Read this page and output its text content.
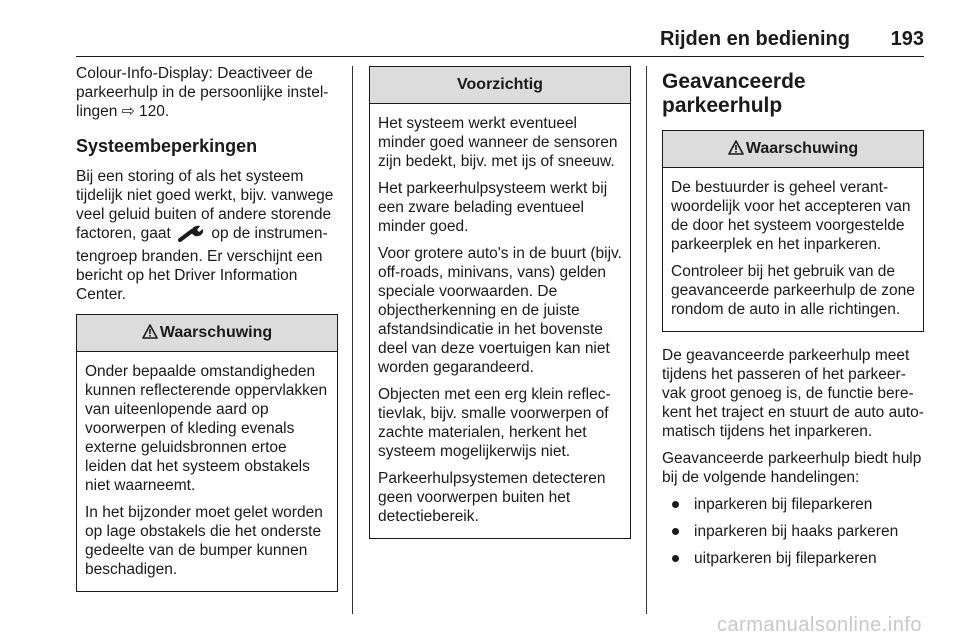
Rijden en bediening 193

Colour-Info-Display: Deactiveer de parkeerhulp in de persoonlijke instellingen ⇨ 120.

Systeembeperkingen

Bij een storing of als het systeem tijdelijk niet goed werkt, bijv. vanwege veel geluid buiten of andere storende factoren, gaat  op de instrumentengroep branden. Er verschijnt een bericht op het Driver Information Center.

Waarschuwing

Onder bepaalde omstandigheden kunnen reflecterende oppervlakken van uiteenlopende aard op voorwerpen of kleding evenals externe geluidsbronnen ertoe leiden dat het systeem obstakels niet waarneemt.

In het bijzonder moet gelet worden op lage obstakels die het onderste gedeelte van de bumper kunnen beschadigen.

Voorzichtig

Het systeem werkt eventueel minder goed wanneer de sensoren zijn bedekt, bijv. met ijs of sneeuw.

Het parkeerhulpsysteem werkt bij een zware belading eventueel minder goed.

Voor grotere auto's in de buurt (bijv. off-roads, minivans, vans) gelden speciale voorwaarden. De objectherkenning en de juiste afstandsindicatie in het bovenste deel van deze voertuigen kan niet worden gegarandeerd.

Objecten met een erg klein reflectievlak, bijv. smalle voorwerpen of zachte materialen, herkent het systeem mogelijkerwijs niet.

Parkeerhulpsystemen detecteren geen voorwerpen buiten het detectiebereik.

Geavanceerde parkeerhulp
Waarschuwing

De bestuurder is geheel verantwoordelijk voor het accepteren van de door het systeem voorgestelde parkeerplek en het inparkeren.

Controleer bij het gebruik van de geavanceerde parkeerhulp de zone rondom de auto in alle richtingen.

De geavanceerde parkeerhulp meet tijdens het passeren of het parkeervak groot genoeg is, de functie berekent het traject en stuurt de auto automatisch tijdens het inparkeren.

Geavanceerde parkeerhulp biedt hulp bij de volgende handelingen:

inparkeren bij fileparkeren
inparkeren bij haaks parkeren
uitparkeren bij fileparkeren
carmanualsonline.info
